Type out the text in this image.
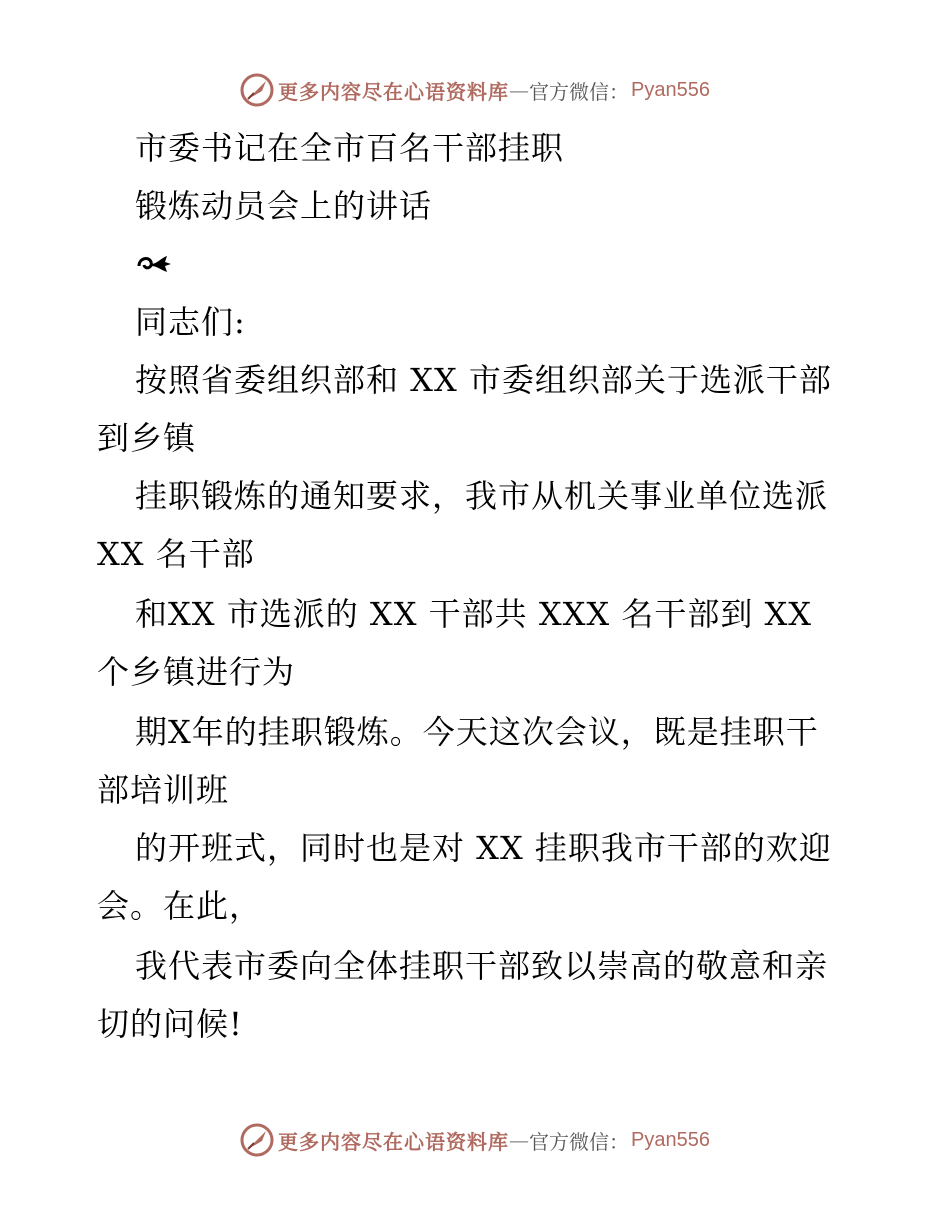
更多内容尽在心语资料库 — 官方微信： Pyan556
市委书记在全市百名干部挂职
锻炼动员会上的讲话
同志们:
按照省委组织部和 XX 市委组织部关于选派干部
到乡镇
挂职锻炼的通知要求，我市从机关事业单位选派
XX 名干部
和XX 市选派的 XX 干部共 XXX 名干部到 XX
个乡镇进行为
期X年的挂职锻炼。今天这次会议，既是挂职干
部培训班
的开班式，同时也是对 XX 挂职我市干部的欢迎
会。在此，
我代表市委向全体挂职干部致以崇高的敬意和亲
切的问候!
更多内容尽在心语资料库 — 官方微信： Pyan556
